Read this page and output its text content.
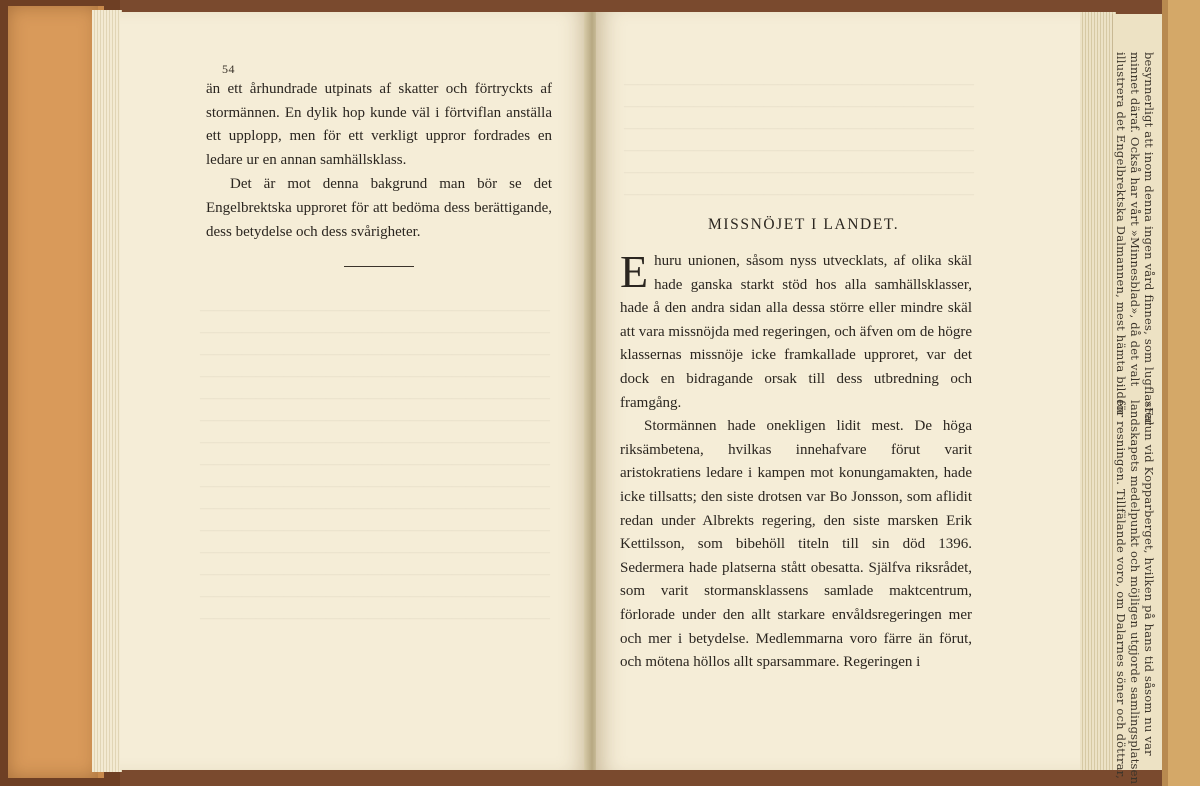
54

än ett århundrade utpinats af skatter och förtryckts af stormännen. En dylik hop kunde väl i förtviflan anställa ett upplopp, men för ett verkligt uppror fordrades en ledare ur en annan samhällsklass.

Det är mot denna bakgrund man bör se det Engelbrektska upproret för att bedöma dess berättigande, dess betydelse och dess svårigheter.	MISSNÖJET I LANDET.

Ehuru unionen, såsom nyss utvecklats, af olika skäl hade ganska starkt stöd hos alla samhällsklasser, hade å den andra sidan alla dessa större eller mindre skäl att vara missnöjda med regeringen, och äfven om de högre klassernas missnöje icke framkallade upproret, var det dock en bidragande orsak till dess utbredning och framgång.

Stormännen hade onekligen lidit mest. De höga riksämbetena, hvilkas innehafvare förut varit aristokratiens ledare i kampen mot konungamakten, hade icke tillsatts; den siste drotsen var Bo Jonsson, som aflidit redan under Albrekts regering, den siste marsken Erik Kettilsson, som bibehöll titeln till sin död 1396. Sedermera hade platserna stått obesatta. Själfva riksrådet, som varit stormansklassens samlade maktcentrum, förlorade under den allt starkare envåldsregeringen mer och mer i betydelse. Medlemmarna voro färre än förut, och mötena höllos allt sparsammare. Regeringen i

besynnerligt att inom denna ingen vård finnes, som lugflaster
minnet däraf. Också har vårt »Minnesblad», då det valt
illustrera det Engelbrektska Dalmannen, mest hämta bilden
»Falun vid Kopparberget, hvilken på hans tid såsom nu var
landskapets medelpunkt och möjligen utgjorde samlingsplatsen
för resningen. Tillfälande voro, om Dalarnes söner och döttrar,
